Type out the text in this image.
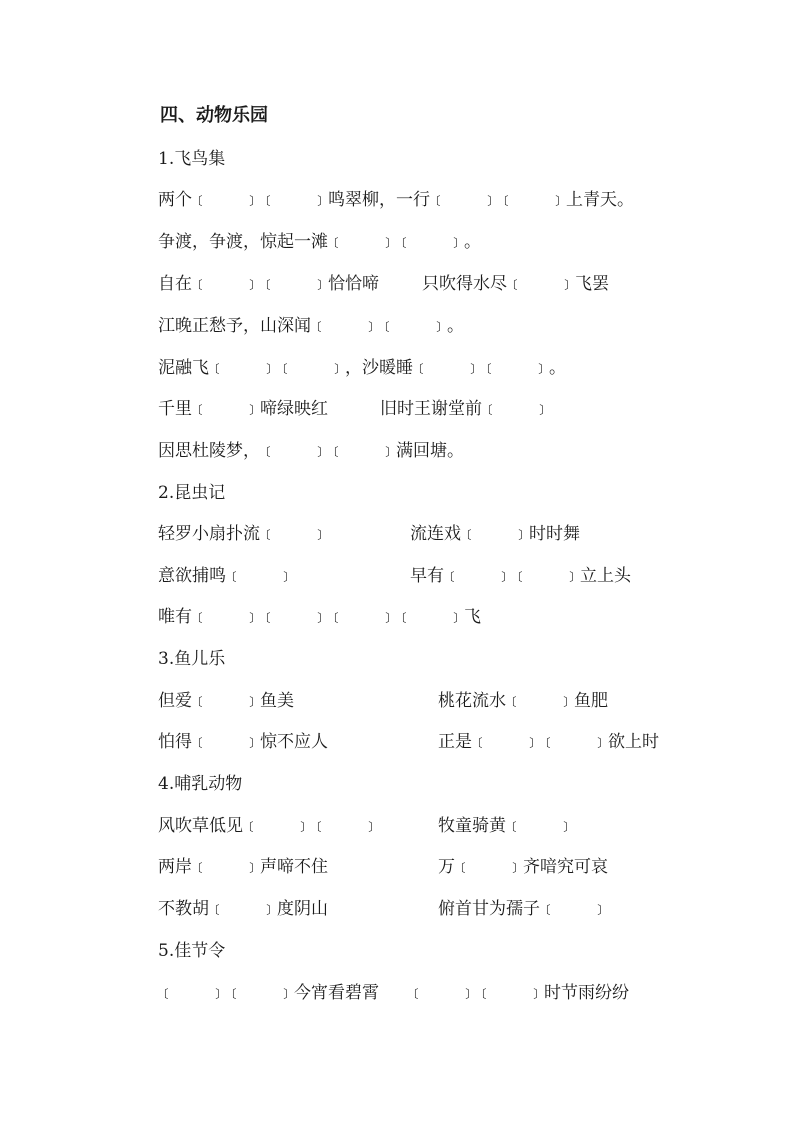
四、动物乐园
1.飞鸟集
两个﹝　　﹞﹝　　﹞鸣翠柳，一行﹝　　﹞﹝　　﹞上青天。
争渡，争渡，惊起一滩﹝　　﹞﹝　　﹞。
自在﹝　　﹞﹝　　﹞恰恰啼	只吹得水尽﹝　　﹞飞罢
江晚正愁予，山深闻﹝　　﹞﹝　　﹞。
泥融飞﹝　　﹞﹝　　﹞，沙暖睡﹝　　﹞﹝　　﹞。
千里﹝　　﹞啼绿映红	旧时王谢堂前﹝　　﹞
因思杜陵梦，﹝　　﹞﹝　　﹞满回塘。
2.昆虫记
轻罗小扇扑流﹝　　﹞	流连戏﹝　　﹞时时舞
意欲捕鸣﹝　　﹞	早有﹝　　﹞﹝　　﹞立上头
唯有﹝　　﹞﹝　　﹞﹝　　﹞﹝　　﹞飞
3.鱼儿乐
但爱﹝　　﹞鱼美	桃花流水﹝　　﹞鱼肥
怕得﹝　　﹞惊不应人	正是﹝　　﹞﹝　　﹞欲上时
4.哺乳动物
风吹草低见﹝　　﹞﹝　　﹞	牧童骑黄﹝　　﹞
两岸﹝　　﹞声啼不住	万﹝　　﹞齐喑究可哀
不教胡﹝　　﹞度阴山	俯首甘为孺子﹝　　﹞
5.佳节令
﹝　　﹞﹝　　﹞今宵看碧霄 ﹝　　﹞﹝　　﹞时节雨纷纷
